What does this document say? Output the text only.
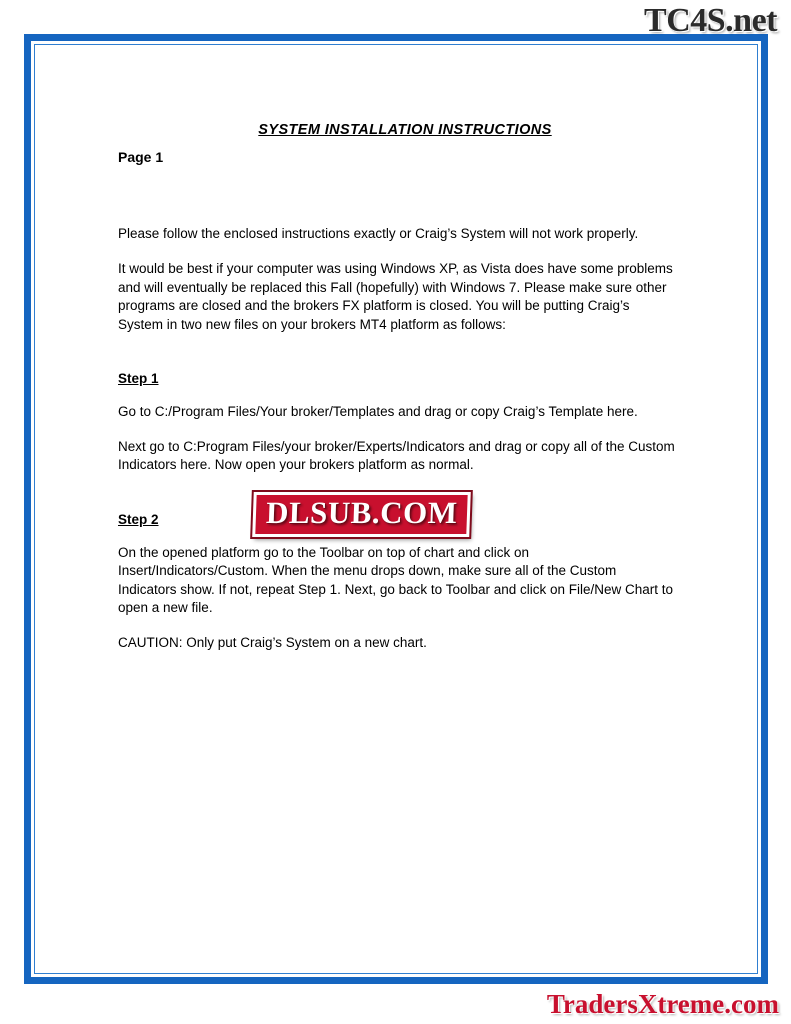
TC4S.net
SYSTEM INSTALLATION INSTRUCTIONS
Page 1

Please follow the enclosed instructions exactly or Craig’s System will not work properly.

It would be best if your computer was using Windows XP, as Vista does have some problems and will eventually be replaced this Fall (hopefully) with Windows 7. Please make sure other programs are closed and the brokers FX platform is closed. You will be putting Craig’s System in two new files on your brokers MT4 platform as follows:

Step 1

Go to C:/Program Files/Your broker/Templates and drag or copy Craig’s Template here.

Next go to C:Program Files/your broker/Experts/Indicators and drag or copy all of the Custom Indicators here. Now open your brokers platform as normal.

Step 2

On the opened platform go to the Toolbar on top of chart and click on Insert/Indicators/Custom. When the menu drops down, make sure all of the Custom Indicators show. If not, repeat Step 1. Next, go back to Toolbar and click on File/New Chart to open a new file.

CAUTION: Only put Craig’s System on a new chart.

DLSUB.COM
TradersXtreme.com
